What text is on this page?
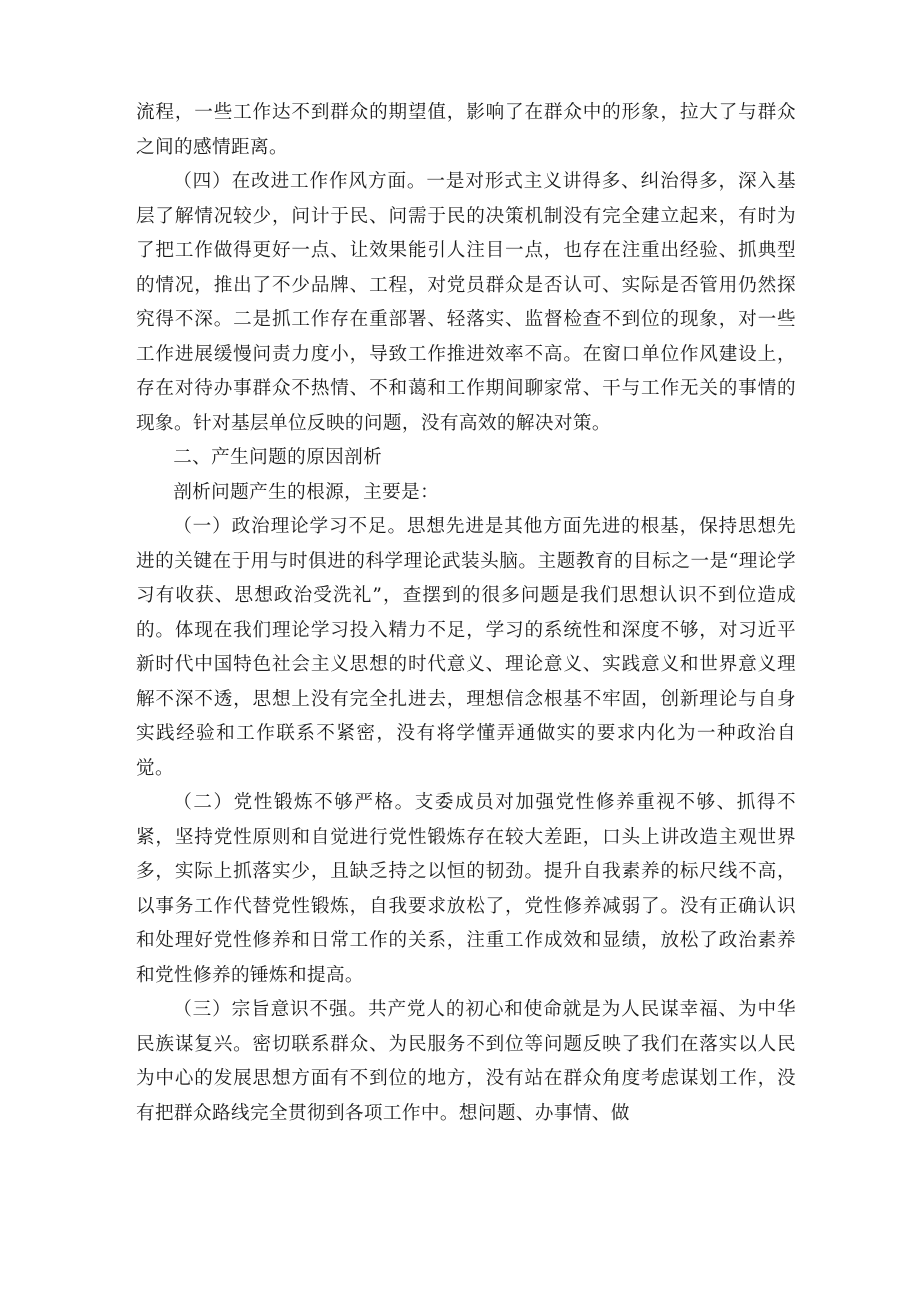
流程，一些工作达不到群众的期望值，影响了在群众中的形象，拉大了与群众之间的感情距离。

（四）在改进工作作风方面。一是对形式主义讲得多、纠治得多，深入基层了解情况较少，问计于民、问需于民的决策机制没有完全建立起来，有时为了把工作做得更好一点、让效果能引人注目一点，也存在注重出经验、抓典型的情况，推出了不少品牌、工程，对党员群众是否认可、实际是否管用仍然探究得不深。二是抓工作存在重部署、轻落实、监督检查不到位的现象，对一些工作进展缓慢问责力度小，导致工作推进效率不高。在窗口单位作风建设上，存在对待办事群众不热情、不和蔼和工作期间聊家常、干与工作无关的事情的现象。针对基层单位反映的问题，没有高效的解决对策。

二、产生问题的原因剖析

剖析问题产生的根源，主要是：

（一）政治理论学习不足。思想先进是其他方面先进的根基，保持思想先进的关键在于用与时俱进的科学理论武装头脑。主题教育的目标之一是“理论学习有收获、思想政治受洗礼”，查摆到的很多问题是我们思想认识不到位造成的。体现在我们理论学习投入精力不足，学习的系统性和深度不够，对习近平新时代中国特色社会主义思想的时代意义、理论意义、实践意义和世界意义理解不深不透，思想上没有完全扎进去，理想信念根基不牢固，创新理论与自身实践经验和工作联系不紧密，没有将学懂弄通做实的要求内化为一种政治自觉。

（二）党性锻炼不够严格。支委成员对加强党性修养重视不够、抓得不紧，坚持党性原则和自觉进行党性锻炼存在较大差距，口头上讲改造主观世界多，实际上抓落实少，且缺乏持之以恒的韧劲。提升自我素养的标尺线不高，以事务工作代替党性锻炼，自我要求放松了，党性修养减弱了。没有正确认识和处理好党性修养和日常工作的关系，注重工作成效和显绩，放松了政治素养和党性修养的锤炼和提高。

（三）宗旨意识不强。共产党人的初心和使命就是为人民谋幸福、为中华民族谋复兴。密切联系群众、为民服务不到位等问题反映了我们在落实以人民为中心的发展思想方面有不到位的地方，没有站在群众角度考虑谋划工作，没有把群众路线完全贯彻到各项工作中。想问题、办事情、做
